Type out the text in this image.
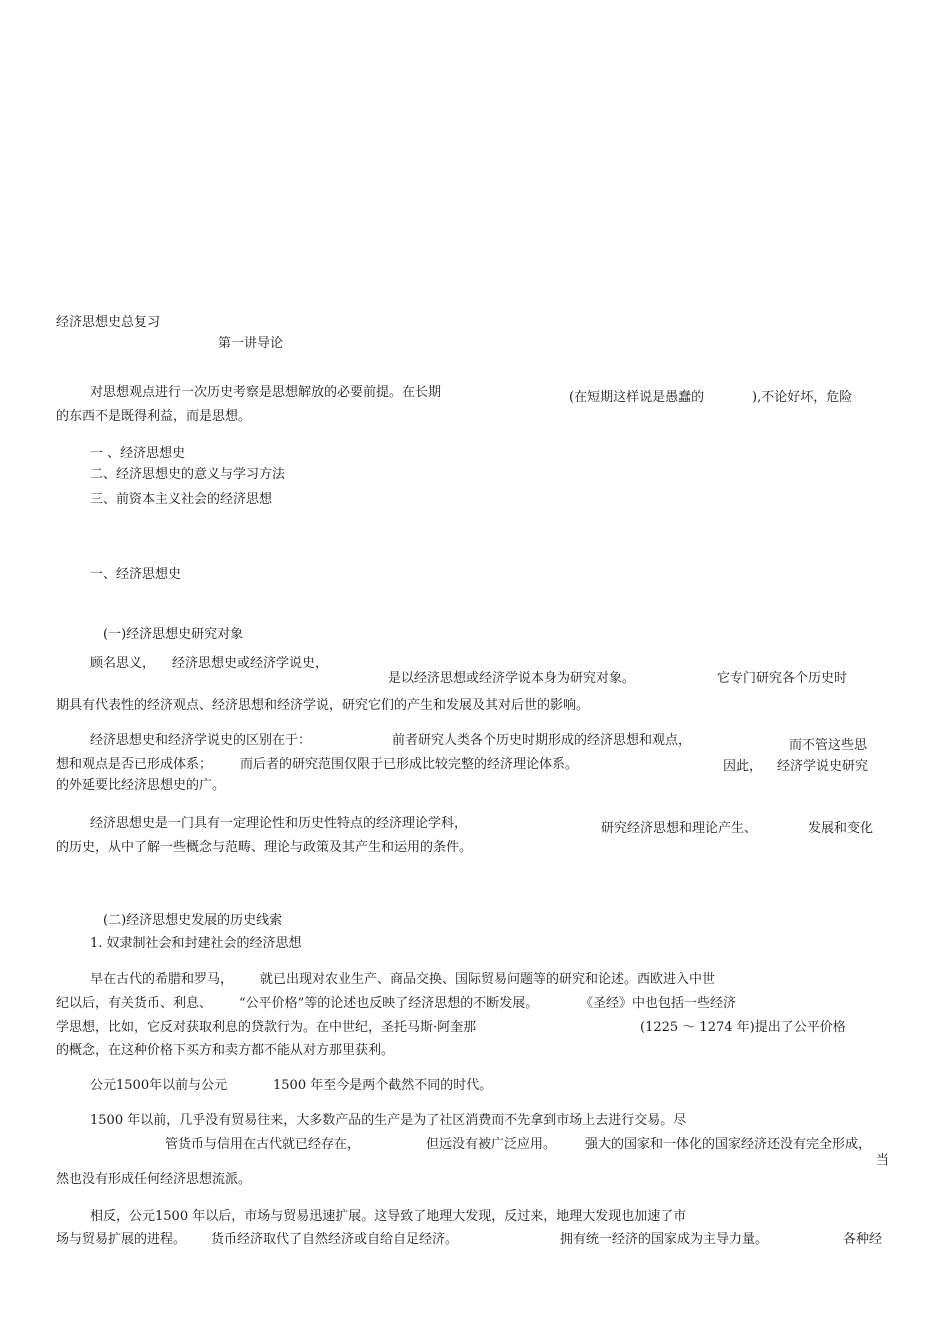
经济思想史总复习
第一讲导论
对思想观点进行一次历史考察是思想解放的必要前提。在长期	(在短期这样说是愚蠢的	),不论好坏，危险
的东西不是既得利益，而是思想。
一 、经济思想史
二、经济思想史的意义与学习方法
三、前资本主义社会的经济思想
一、经济思想史
(一)经济思想史研究对象
顾名思义， 经济思想史或经济学说史，
是以经济思想或经济学说本身为研究对象。	它专门研究各个历史时
期具有代表性的经济观点、经济思想和经济学说，研究它们的产生和发展及其对后世的影响。
经济思想史和经济学说史的区别在于：	前者研究人类各个历史时期形成的经济思想和观点，	而不管这些思
想和观点是否已形成体系； 而后者的研究范围仅限于已形成比较完整的经济理论体系。	因此， 经济学说史研究
的外延要比经济思想史的广。
经济思想史是一门具有一定理论性和历史性特点的经济理论学科，	研究经济思想和理论产生、	发展和变化
的历史，从中了解一些概念与范畴、理论与政策及其产生和运用的条件。
(二)经济思想史发展的历史线索
1. 奴隶制社会和封建社会的经济思想
早在古代的希腊和罗马， 就已出现对农业生产、商品交换、国际贸易问题等的研究和论述。西欧进入中世
纪以后，有关货币、利息、 “公平价格”等的论述也反映了经济思想的不断发展。	《圣经》中也包括一些经济
学思想，比如，它反对获取利息的贷款行为。在中世纪，圣托马斯·阿奎那	(1225 ～ 1274 年)提出了公平价格
的概念，在这种价格下买方和卖方都不能从对方那里获利。
公元1500年以前与公元	1500 年至今是两个截然不同的时代。
1500 年以前，几乎没有贸易往来，大多数产品的生产是为了社区消费而不先拿到市场上去进行交易。尽
管货币与信用在古代就已经存在，	但远没有被广泛应用。 强大的国家和一体化的国家经济还没有完全形成，
当
然也没有形成任何经济思想流派。
相反，公元1500 年以后，市场与贸易迅速扩展。这导致了地理大发现，反过来，地理大发现也加速了市
场与贸易扩展的进程。 货币经济取代了自然经济或自给自足经济。	拥有统一经济的国家成为主导力量。	各种经
